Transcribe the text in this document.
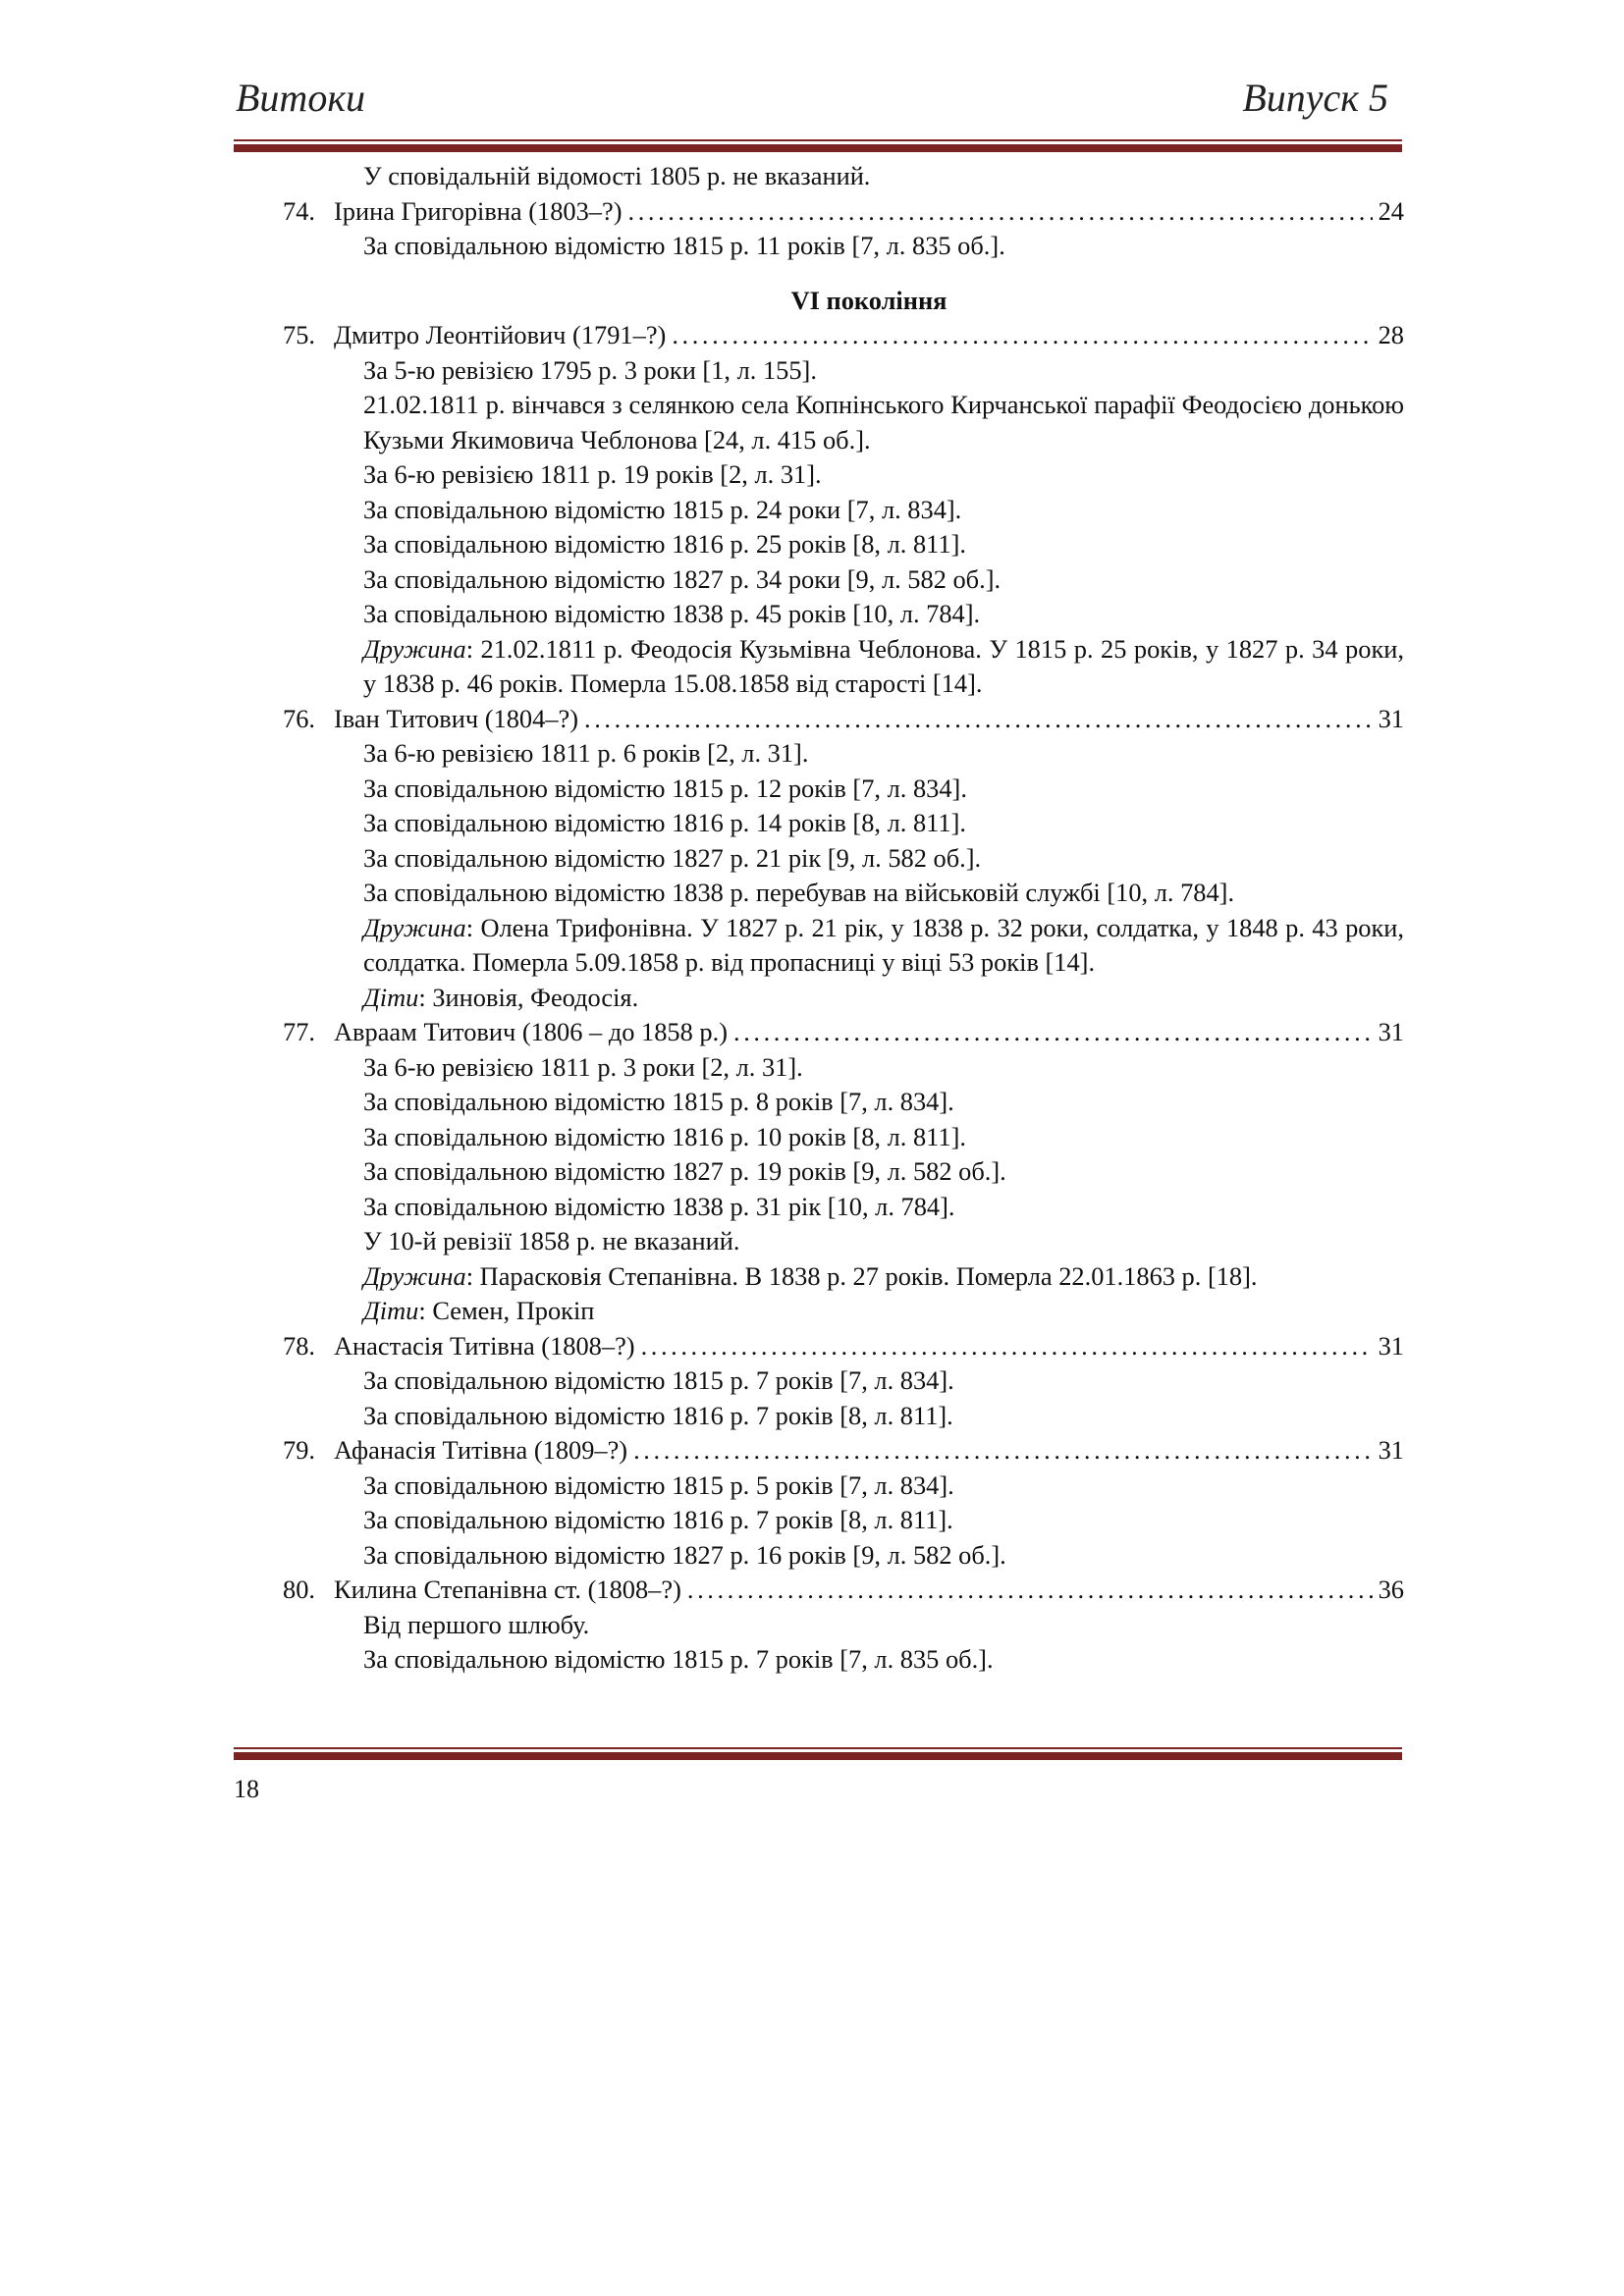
Витоки	Випуск 5
У сповідальній відомості 1805 р. не вказаний.
74. Ірина Григорівна (1803–?) . . .	24
За сповідальною відомістю 1815 р. 11 років [7, л. 835 об.].
VI покоління
75. Дмитро Леонтійович (1791–?) . . .	28
За 5-ю ревізією 1795 р. 3 роки [1, л. 155].
21.02.1811 р. вінчався з селянкою села Копнінського Кирчанської парафії Феодосією донькою Кузьми Якимовича Чеблонова [24, л. 415 об.].
За 6-ю ревізією 1811 р. 19 років [2, л. 31].
За сповідальною відомістю 1815 р. 24 роки [7, л. 834].
За сповідальною відомістю 1816 р. 25 років [8, л. 811].
За сповідальною відомістю 1827 р. 34 роки [9, л. 582 об.].
За сповідальною відомістю 1838 р. 45 років [10, л. 784].
Дружина: 21.02.1811 р. Феодосія Кузьмівна Чеблонова. У 1815 р. 25 років, у 1827 р. 34 роки, у 1838 р. 46 років. Померла 15.08.1858 від старості [14].
76. Іван Титович (1804–?) . . .	31
За 6-ю ревізією 1811 р. 6 років [2, л. 31].
За сповідальною відомістю 1815 р. 12 років [7, л. 834].
За сповідальною відомістю 1816 р. 14 років [8, л. 811].
За сповідальною відомістю 1827 р. 21 рік [9, л. 582 об.].
За сповідальною відомістю 1838 р. перебував на військовій службі [10, л. 784].
Дружина: Олена Трифонівна. У 1827 р. 21 рік, у 1838 р. 32 роки, солдатка, у 1848 р. 43 роки, солдатка. Померла 5.09.1858 р. від пропасниці у віці 53 років [14].
Діти: Зиновія, Феодосія.
77. Авраам Титович (1806 – до 1858 р.) . . .	31
За 6-ю ревізією 1811 р. 3 роки [2, л. 31].
За сповідальною відомістю 1815 р. 8 років [7, л. 834].
За сповідальною відомістю 1816 р. 10 років [8, л. 811].
За сповідальною відомістю 1827 р. 19 років [9, л. 582 об.].
За сповідальною відомістю 1838 р. 31 рік [10, л. 784].
У 10-й ревізії 1858 р. не вказаний.
Дружина: Парасковія Степанівна. В 1838 р. 27 років. Померла 22.01.1863 р. [18].
Діти: Семен, Прокіп
78. Анастасія Титівна (1808–?) . . .	31
За сповідальною відомістю 1815 р. 7 років [7, л. 834].
За сповідальною відомістю 1816 р. 7 років [8, л. 811].
79. Афанасія Титівна (1809–?) . . .	31
За сповідальною відомістю 1815 р. 5 років [7, л. 834].
За сповідальною відомістю 1816 р. 7 років [8, л. 811].
За сповідальною відомістю 1827 р. 16 років [9, л. 582 об.].
80. Килина Степанівна ст. (1808–?) . . .	36
Від першого шлюбу.
За сповідальною відомістю 1815 р. 7 років [7, л. 835 об.].
18
